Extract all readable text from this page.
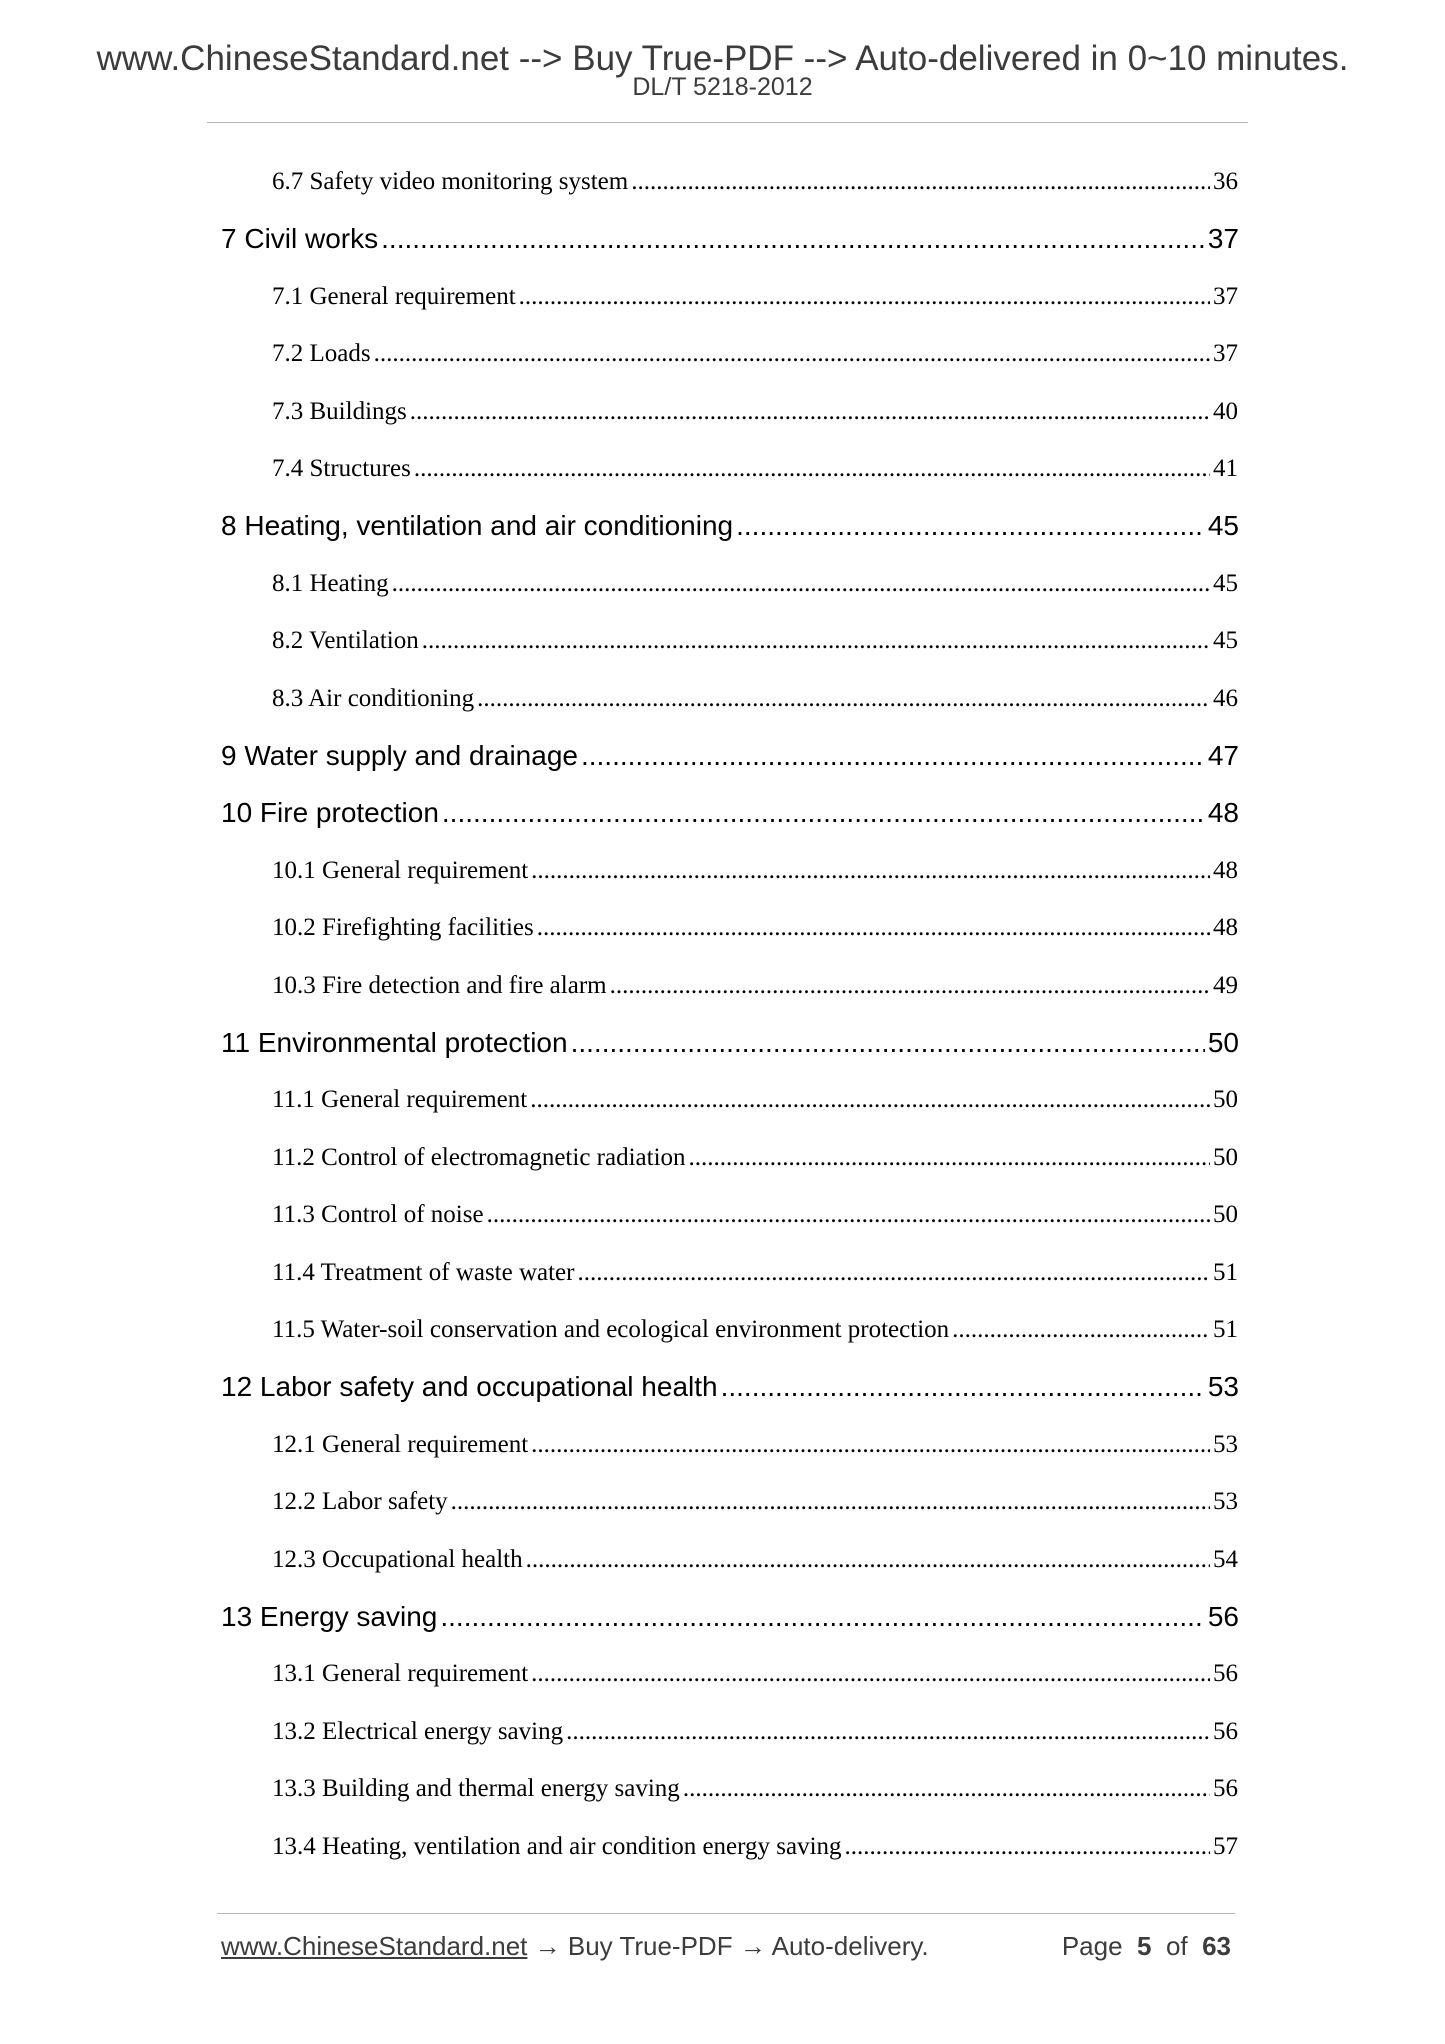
www.ChineseStandard.net --> Buy True-PDF --> Auto-delivered in 0~10 minutes.
DL/T 5218-2012
6.7 Safety video monitoring system .....	36
7 Civil works .....	37
7.1 General requirement .....	37
7.2 Loads .....	37
7.3 Buildings .....	40
7.4 Structures .....	41
8 Heating, ventilation and air conditioning .....	45
8.1 Heating .....	45
8.2 Ventilation .....	45
8.3 Air conditioning .....	46
9 Water supply and drainage .....	47
10 Fire protection .....	48
10.1 General requirement .....	48
10.2 Firefighting facilities .....	48
10.3 Fire detection and fire alarm .....	49
11 Environmental protection .....	50
11.1 General requirement .....	50
11.2 Control of electromagnetic radiation .....	50
11.3 Control of noise .....	50
11.4 Treatment of waste water .....	51
11.5 Water-soil conservation and ecological environment protection .....	51
12 Labor safety and occupational health .....	53
12.1 General requirement .....	53
12.2 Labor safety .....	53
12.3 Occupational health .....	54
13 Energy saving .....	56
13.1 General requirement .....	56
13.2 Electrical energy saving .....	56
13.3 Building and thermal energy saving .....	56
13.4 Heating, ventilation and air condition energy saving .....	57
www.ChineseStandard.net → Buy True-PDF → Auto-delivery.	Page 5 of 63
